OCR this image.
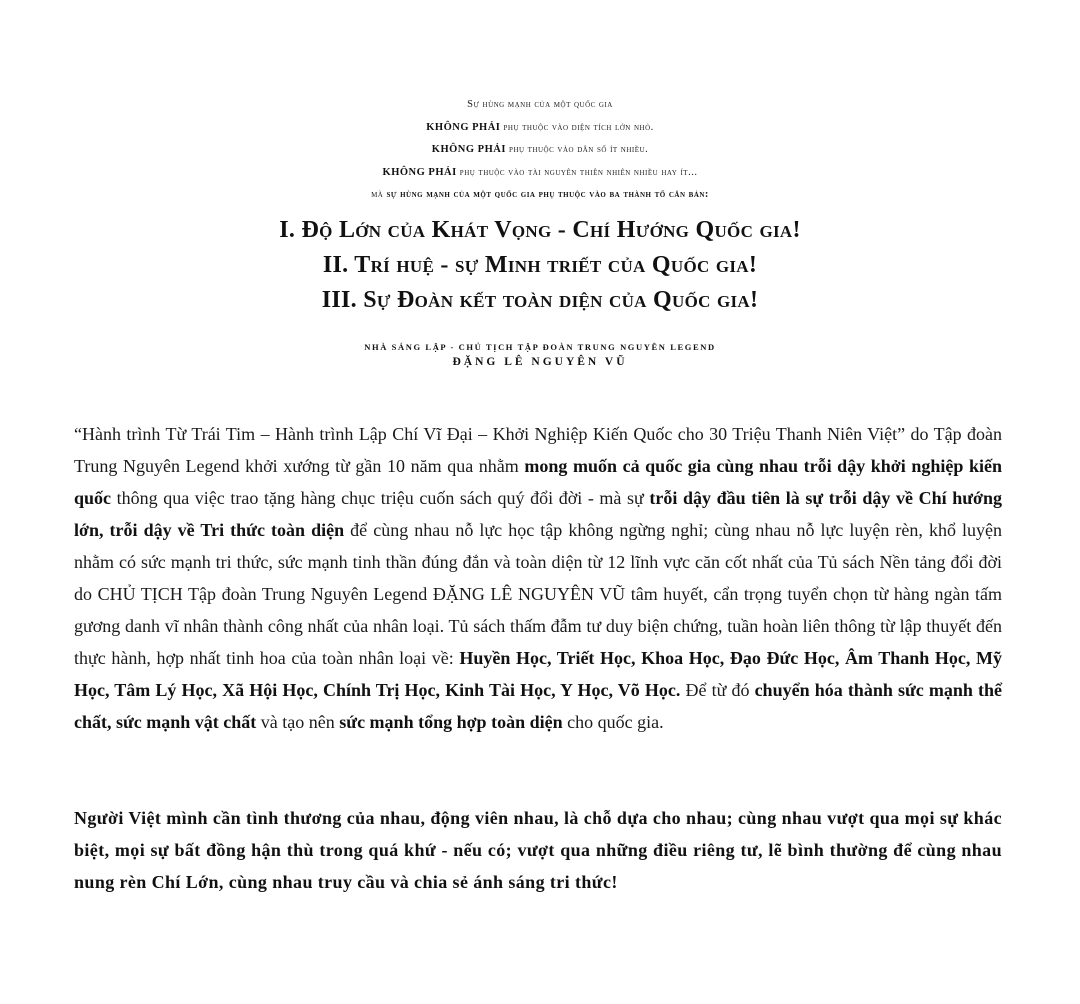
Sự hùng mạnh của một quốc gia
KHÔNG PHẢI phụ thuộc vào diện tích lớn nhỏ.
KHÔNG PHẢI phụ thuộc vào dân số ít nhiều.
KHÔNG PHẢI phụ thuộc vào tài nguyên thiên nhiên nhiều hay ít...
mà sự hùng mạnh của một quốc gia phụ thuộc vào ba thành tố căn bản:
I. Độ Lớn của Khát Vọng - Chí Hướng Quốc gia!
II. Trí huệ - sự Minh triết của Quốc gia!
III. Sự Đoàn kết toàn diện của Quốc gia!
NHÀ SÁNG LẬP - CHỦ TỊCH TẬP ĐOÀN TRUNG NGUYÊN LEGEND
ĐẶNG LÊ NGUYÊN VŨ

“Hành trình Từ Trái Tim – Hành trình Lập Chí Vĩ Đại – Khởi Nghiệp Kiến Quốc cho 30 Triệu Thanh Niên Việt” do Tập đoàn Trung Nguyên Legend khởi xướng từ gần 10 năm qua nhằm mong muốn cả quốc gia cùng nhau trỗi dậy khởi nghiệp kiến quốc thông qua việc trao tặng hàng chục triệu cuốn sách quý đổi đời - mà sự trỗi dậy đầu tiên là sự trỗi dậy về Chí hướng lớn, trỗi dậy về Tri thức toàn diện để cùng nhau nỗ lực học tập không ngừng nghỉ; cùng nhau nỗ lực luyện rèn, khổ luyện nhằm có sức mạnh tri thức, sức mạnh tinh thần đúng đắn và toàn diện từ 12 lĩnh vực căn cốt nhất của Tủ sách Nền tảng đổi đời do CHỦ TỊCH Tập đoàn Trung Nguyên Legend ĐẶNG LÊ NGUYÊN VŨ tâm huyết, cẩn trọng tuyển chọn từ hàng ngàn tấm gương danh vĩ nhân thành công nhất của nhân loại. Tủ sách thấm đẫm tư duy biện chứng, tuần hoàn liên thông từ lập thuyết đến thực hành, hợp nhất tinh hoa của toàn nhân loại về: Huyền Học, Triết Học, Khoa Học, Đạo Đức Học, Âm Thanh Học, Mỹ Học, Tâm Lý Học, Xã Hội Học, Chính Trị Học, Kinh Tài Học, Y Học, Võ Học. Để từ đó chuyển hóa thành sức mạnh thể chất, sức mạnh vật chất và tạo nên sức mạnh tổng hợp toàn diện cho quốc gia.

Người Việt mình cần tình thương của nhau, động viên nhau, là chỗ dựa cho nhau; cùng nhau vượt qua mọi sự khác biệt, mọi sự bất đồng hận thù trong quá khứ - nếu có; vượt qua những điều riêng tư, lẽ bình thường để cùng nhau nung rèn Chí Lớn, cùng nhau truy cầu và chia sẻ ánh sáng tri thức!
